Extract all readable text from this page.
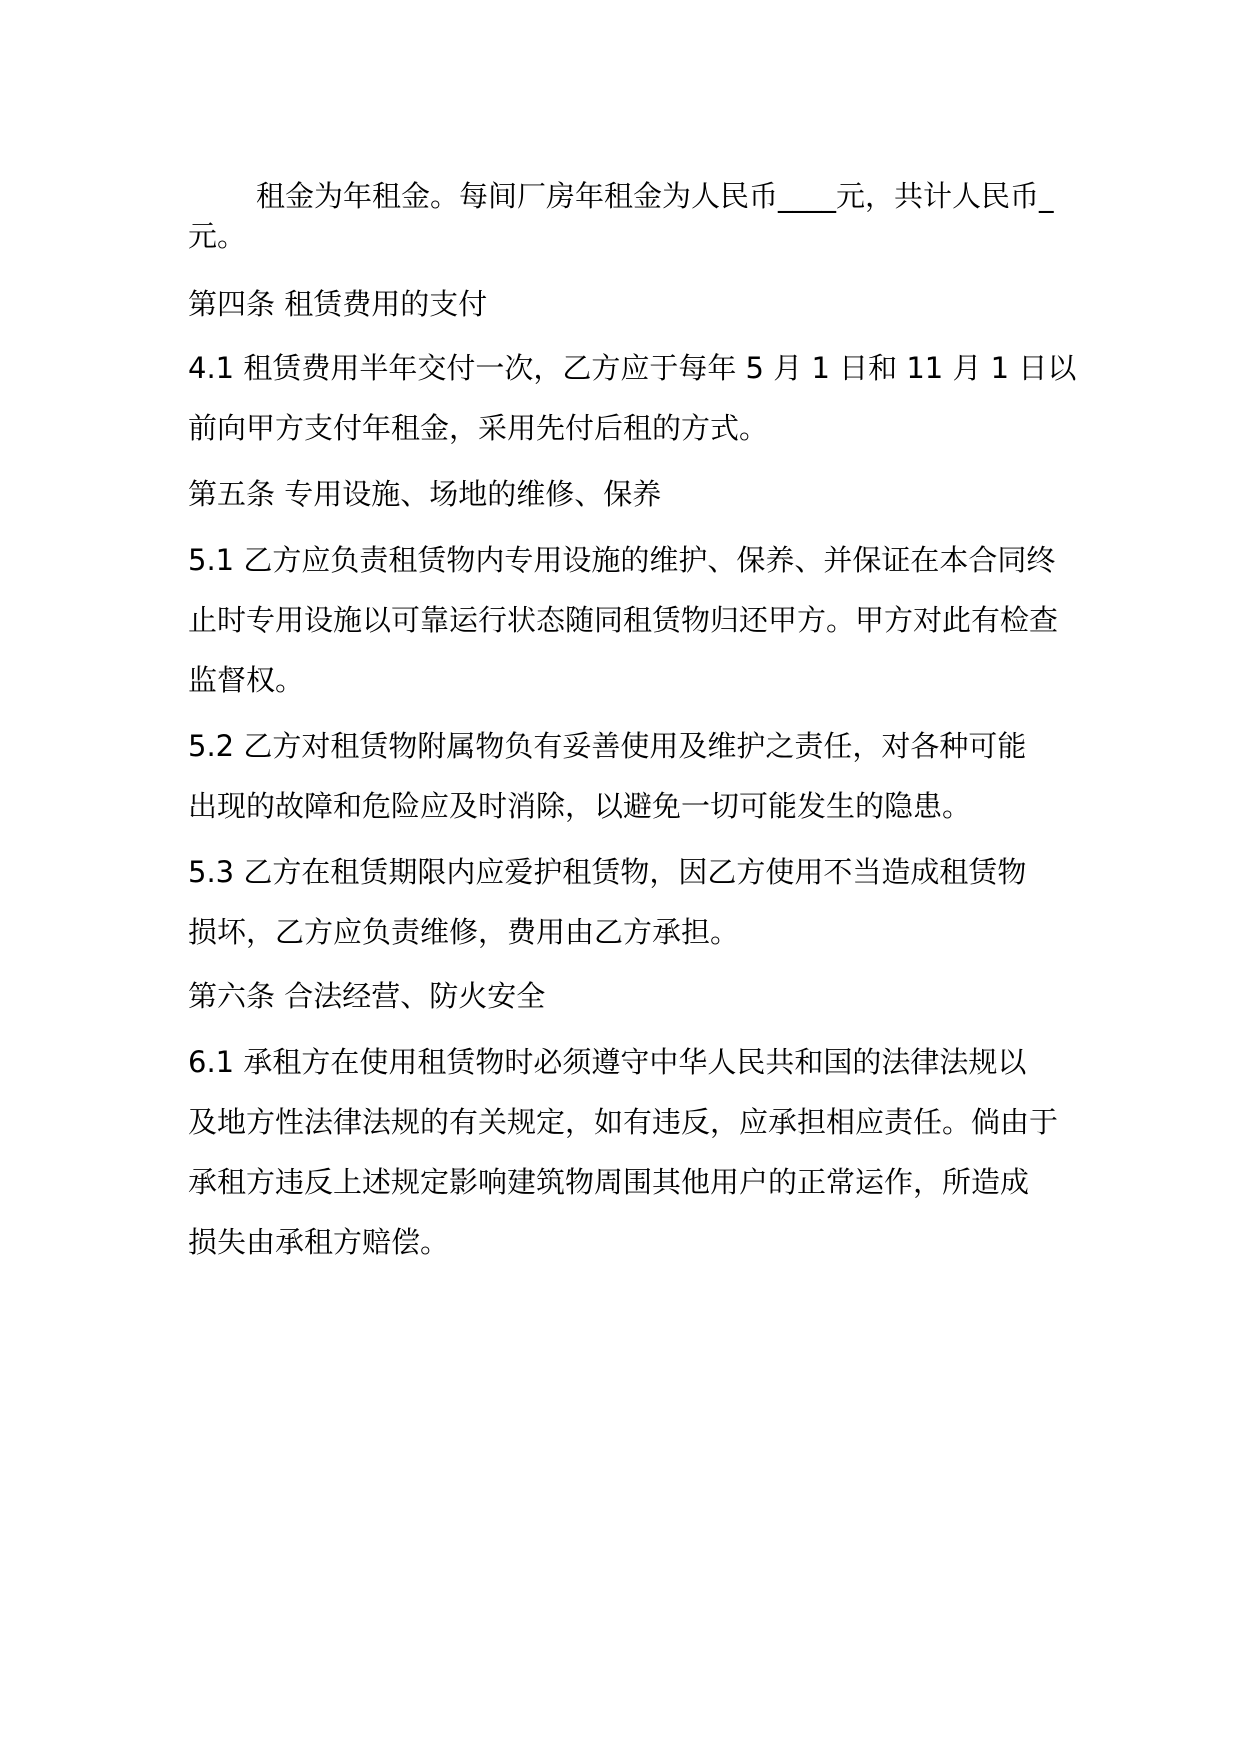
租金为年租金。每间厂房年租金为人民币____元，共计人民币_
元。
第四条 租赁费用的支付
4.1 租赁费用半年交付一次，乙方应于每年 5 月 1 日和 11 月 1 日以
前向甲方支付年租金，采用先付后租的方式。
第五条 专用设施、场地的维修、保养
5.1 乙方应负责租赁物内专用设施的维护、保养、并保证在本合同终
止时专用设施以可靠运行状态随同租赁物归还甲方。甲方对此有检查
监督权。
5.2 乙方对租赁物附属物负有妥善使用及维护之责任，对各种可能
出现的故障和危险应及时消除，以避免一切可能发生的隐患。
5.3 乙方在租赁期限内应爱护租赁物，因乙方使用不当造成租赁物
损坏，乙方应负责维修，费用由乙方承担。
第六条 合法经营、防火安全
6.1 承租方在使用租赁物时必须遵守中华人民共和国的法律法规以
及地方性法律法规的有关规定，如有违反，应承担相应责任。倘由于
承租方违反上述规定影响建筑物周围其他用户的正常运作，所造成
损失由承租方赔偿。
